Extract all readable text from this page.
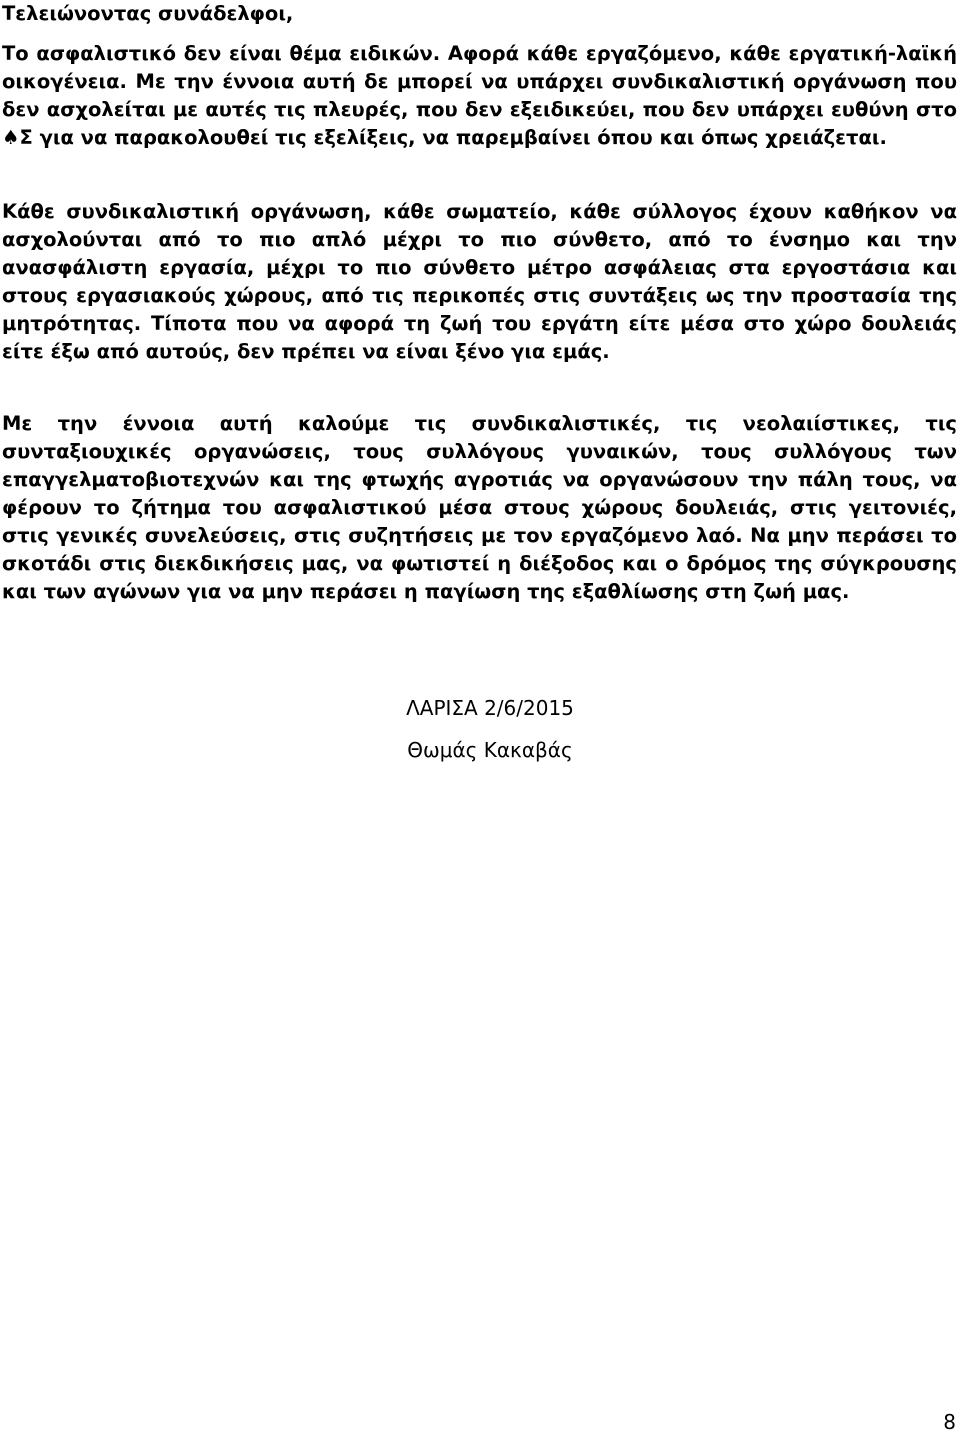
Τελειώνοντας συνάδελφοι,

Το ασφαλιστικό δεν είναι θέμα ειδικών. Αφορά κάθε εργαζόμενο, κάθε εργατική-λαϊκή οικογένεια. Με την έννοια αυτή δε μπορεί να υπάρχει συνδικαλιστική οργάνωση που δεν ασχολείται με αυτές τις πλευρές, που δεν εξειδικεύει, που δεν υπάρχει ευθύνη στο ♠Σ για να παρακολουθεί τις εξελίξεις, να παρεμβαίνει όπου και όπως χρειάζεται.

Κάθε συνδικαλιστική οργάνωση, κάθε σωματείο, κάθε σύλλογος έχουν καθήκον να ασχολούνται από το πιο απλό μέχρι το πιο σύνθετο, από το ένσημο και την ανασφάλιστη εργασία, μέχρι το πιο σύνθετο μέτρο ασφάλειας στα εργοστάσια και στους εργασιακούς χώρους, από τις περικοπές στις συντάξεις ως την προστασία της μητρότητας. Τίποτα που να αφορά τη ζωή του εργάτη είτε μέσα στο χώρο δουλειάς είτε έξω από αυτούς, δεν πρέπει να είναι ξένο για εμάς.

Με την έννοια αυτή καλούμε τις συνδικαλιστικές, τις νεολαιίστικες, τις συνταξιουχικές οργανώσεις, τους συλλόγους γυναικών, τους συλλόγους των επαγγελματοβιοτεχνών και της φτωχής αγροτιάς να οργανώσουν την πάλη τους, να φέρουν το ζήτημα του ασφαλιστικού μέσα στους χώρους δουλειάς, στις γειτονιές, στις γενικές συνελεύσεις, στις συζητήσεις με τον εργαζόμενο λαό. Να μην περάσει το σκοτάδι στις διεκδικήσεις μας, να φωτιστεί η διέξοδος και ο δρόμος της σύγκρουσης και των αγώνων για να μην περάσει η παγίωση της εξαθλίωσης στη ζωή μας.

ΛΑΡΙΣΑ 2/6/2015
Θωμάς Κακαβάς
8
